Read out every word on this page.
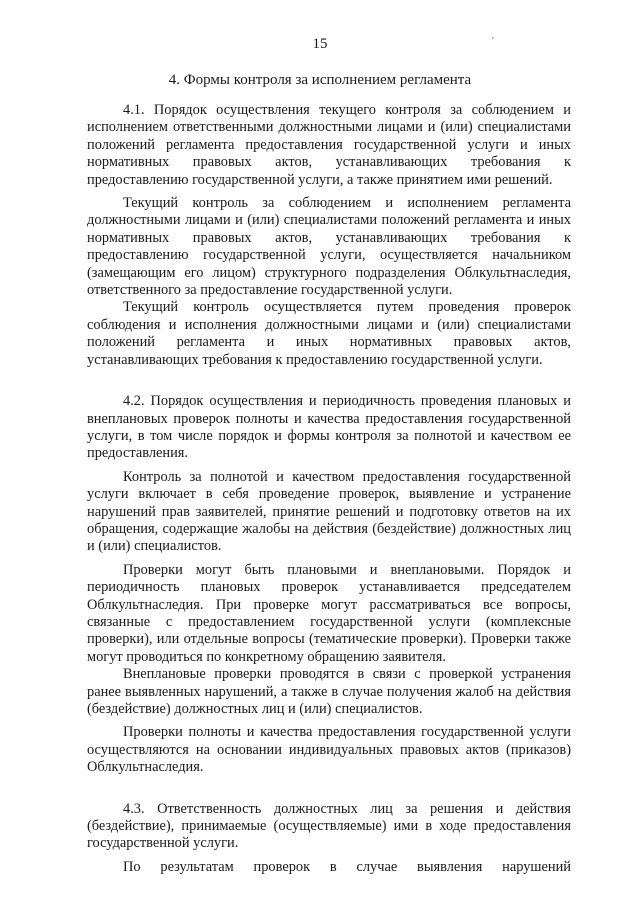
15	'
4. Формы контроля за исполнением регламента

4.1. Порядок осуществления текущего контроля за соблюдением и исполнением ответственными должностными лицами и (или) специалистами положений регламента предоставления государственной услуги и иных нормативных правовых актов, устанавливающих требования к предоставлению государственной услуги, а также принятием ими решений.

Текущий контроль за соблюдением и исполнением регламента должностными лицами и (или) специалистами положений регламента и иных нормативных правовых актов, устанавливающих требования к предоставлению государственной услуги, осуществляется начальником (замещающим его лицом) структурного подразделения Облкультнаследия, ответственного за предоставление государственной услуги.

Текущий контроль осуществляется путем проведения проверок соблюдения и исполнения должностными лицами и (или) специалистами положений регламента и иных нормативных правовых актов, устанавливающих требования к предоставлению государственной услуги.

4.2. Порядок осуществления и периодичность проведения плановых и внеплановых проверок полноты и качества предоставления государственной услуги, в том числе порядок и формы контроля за полнотой и качеством ее предоставления.

Контроль за полнотой и качеством предоставления государственной услуги включает в себя проведение проверок, выявление и устранение нарушений прав заявителей, принятие решений и подготовку ответов на их обращения, содержащие жалобы на действия (бездействие) должностных лиц и (или) специалистов.

Проверки могут быть плановыми и внеплановыми. Порядок и периодичность плановых проверок устанавливается председателем Облкультнаследия. При проверке могут рассматриваться все вопросы, связанные с предоставлением государственной услуги (комплексные проверки), или отдельные вопросы (тематические проверки). Проверки также могут проводиться по конкретному обращению заявителя.

Внеплановые проверки проводятся в связи с проверкой устранения ранее выявленных нарушений, а также в случае получения жалоб на действия (бездействие) должностных лиц и (или) специалистов.

Проверки полноты и качества предоставления государственной услуги осуществляются на основании индивидуальных правовых актов (приказов) Облкультнаследия.

4.3. Ответственность должностных лиц за решения и действия (бездействие), принимаемые (осуществляемые) ими в ходе предоставления государственной услуги.

По результатам проверок в случае выявления нарушений
